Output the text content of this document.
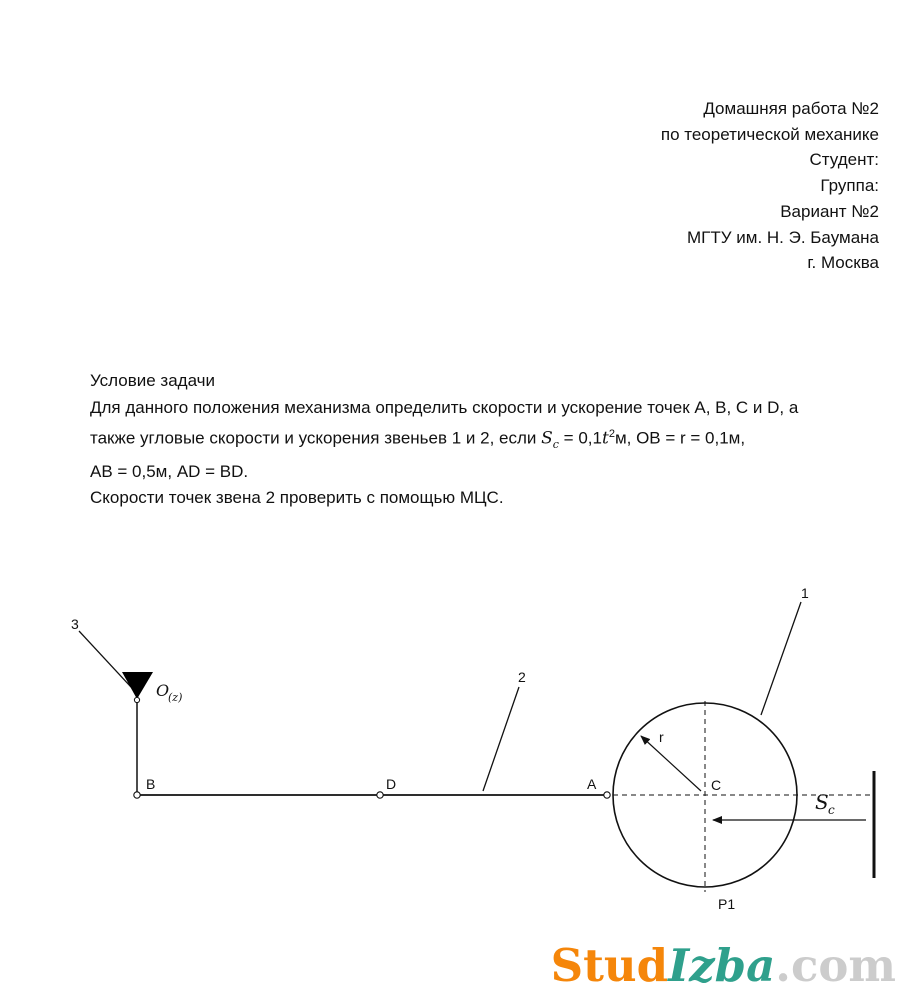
Домашняя работа №2
по теоретической механике
Студент:
Группа:
Вариант №2
МГТУ им. Н. Э. Баумана
г. Москва
Условие задачи
Для данного положения механизма определить скорости и ускорение точек A, B, C и D, а
также угловые скорости и ускорения звеньев 1 и 2, если $S_c = 0,1t^2м$, ОВ = r = 0,1м,
АВ = 0,5м, AD = BD.
Скорости точек звена 2 проверить с помощью МЦС.
3
2
1
B	D	A	C
r
P1
O
(z)
S c
StudIzba.com
